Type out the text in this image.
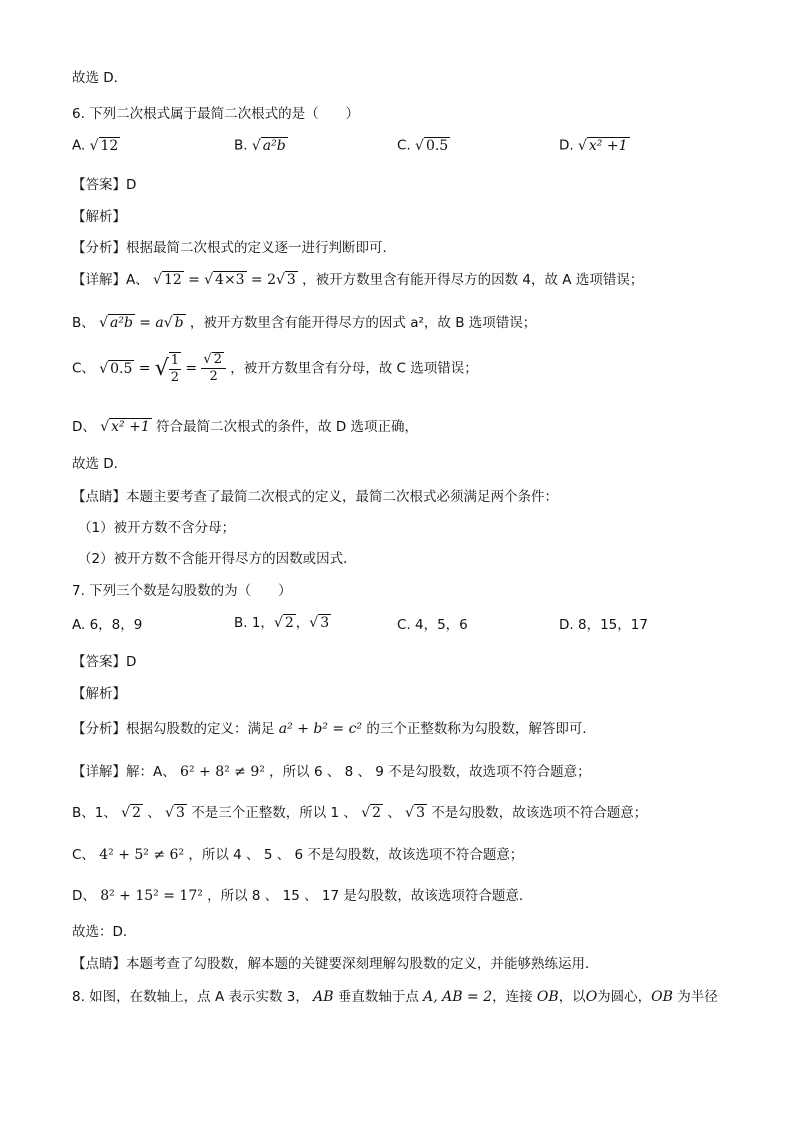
故选 D．
6. 下列二次根式属于最简二次根式的是（　　）
A. √ 12	B. √ a²b	C. √ 0.5	D. √ x² +1
【答案】D
【解析】
【分析】根据最简二次根式的定义逐一进行判断即可.
【详解】A、 √ 12 = √ 4×3 = 2√ 3 ，被开方数里含有能开得尽方的因数 4，故 A 选项错误；
B、 √ a²b = a√ b ，被开方数里含有能开得尽方的因式 a²，故 B 选项错误；
C、 √ 0.5 = √ $\frac{1}{2} = \frac{√ 2}{2}$ ，被开方数里含有分母，故 C 选项错误；
D、 √ x² +1 符合最简二次根式的条件，故 D 选项正确，
故选 D．
【点睛】本题主要考查了最简二次根式的定义，最简二次根式必须满足两个条件：
（1）被开方数不含分母；
（2）被开方数不含能开得尽方的因数或因式．
7. 下列三个数是勾股数的为（　　）
A. 6，8，9	B. 1，√ 2 ，√ 3	C. 4，5，6	D. 8，15，17
【答案】D
【解析】
【分析】根据勾股数的定义：满足 a² + b² = c² 的三个正整数称为勾股数，解答即可．
【详解】解：A、 6² + 8² ≠ 9² ，所以 6 、 8 、 9 不是勾股数，故选项不符合题意；
B、1、 √ 2 、 √ 3 不是三个正整数，所以 1 、 √ 2 、 √ 3 不是勾股数，故该选项不符合题意；
C、 4² + 5² ≠ 6² ，所以 4 、 5 、 6 不是勾股数，故该选项不符合题意；
D、 8² + 15² = 17² ，所以 8 、 15 、 17 是勾股数，故该选项符合题意．
故选：D．
【点睛】本题考查了勾股数，解本题的关键要深刻理解勾股数的定义，并能够熟练运用．
8. 如图，在数轴上，点 A 表示实数 3， AB 垂直数轴于点 A, AB = 2，连接 OB，以O为圆心，OB 为半径
